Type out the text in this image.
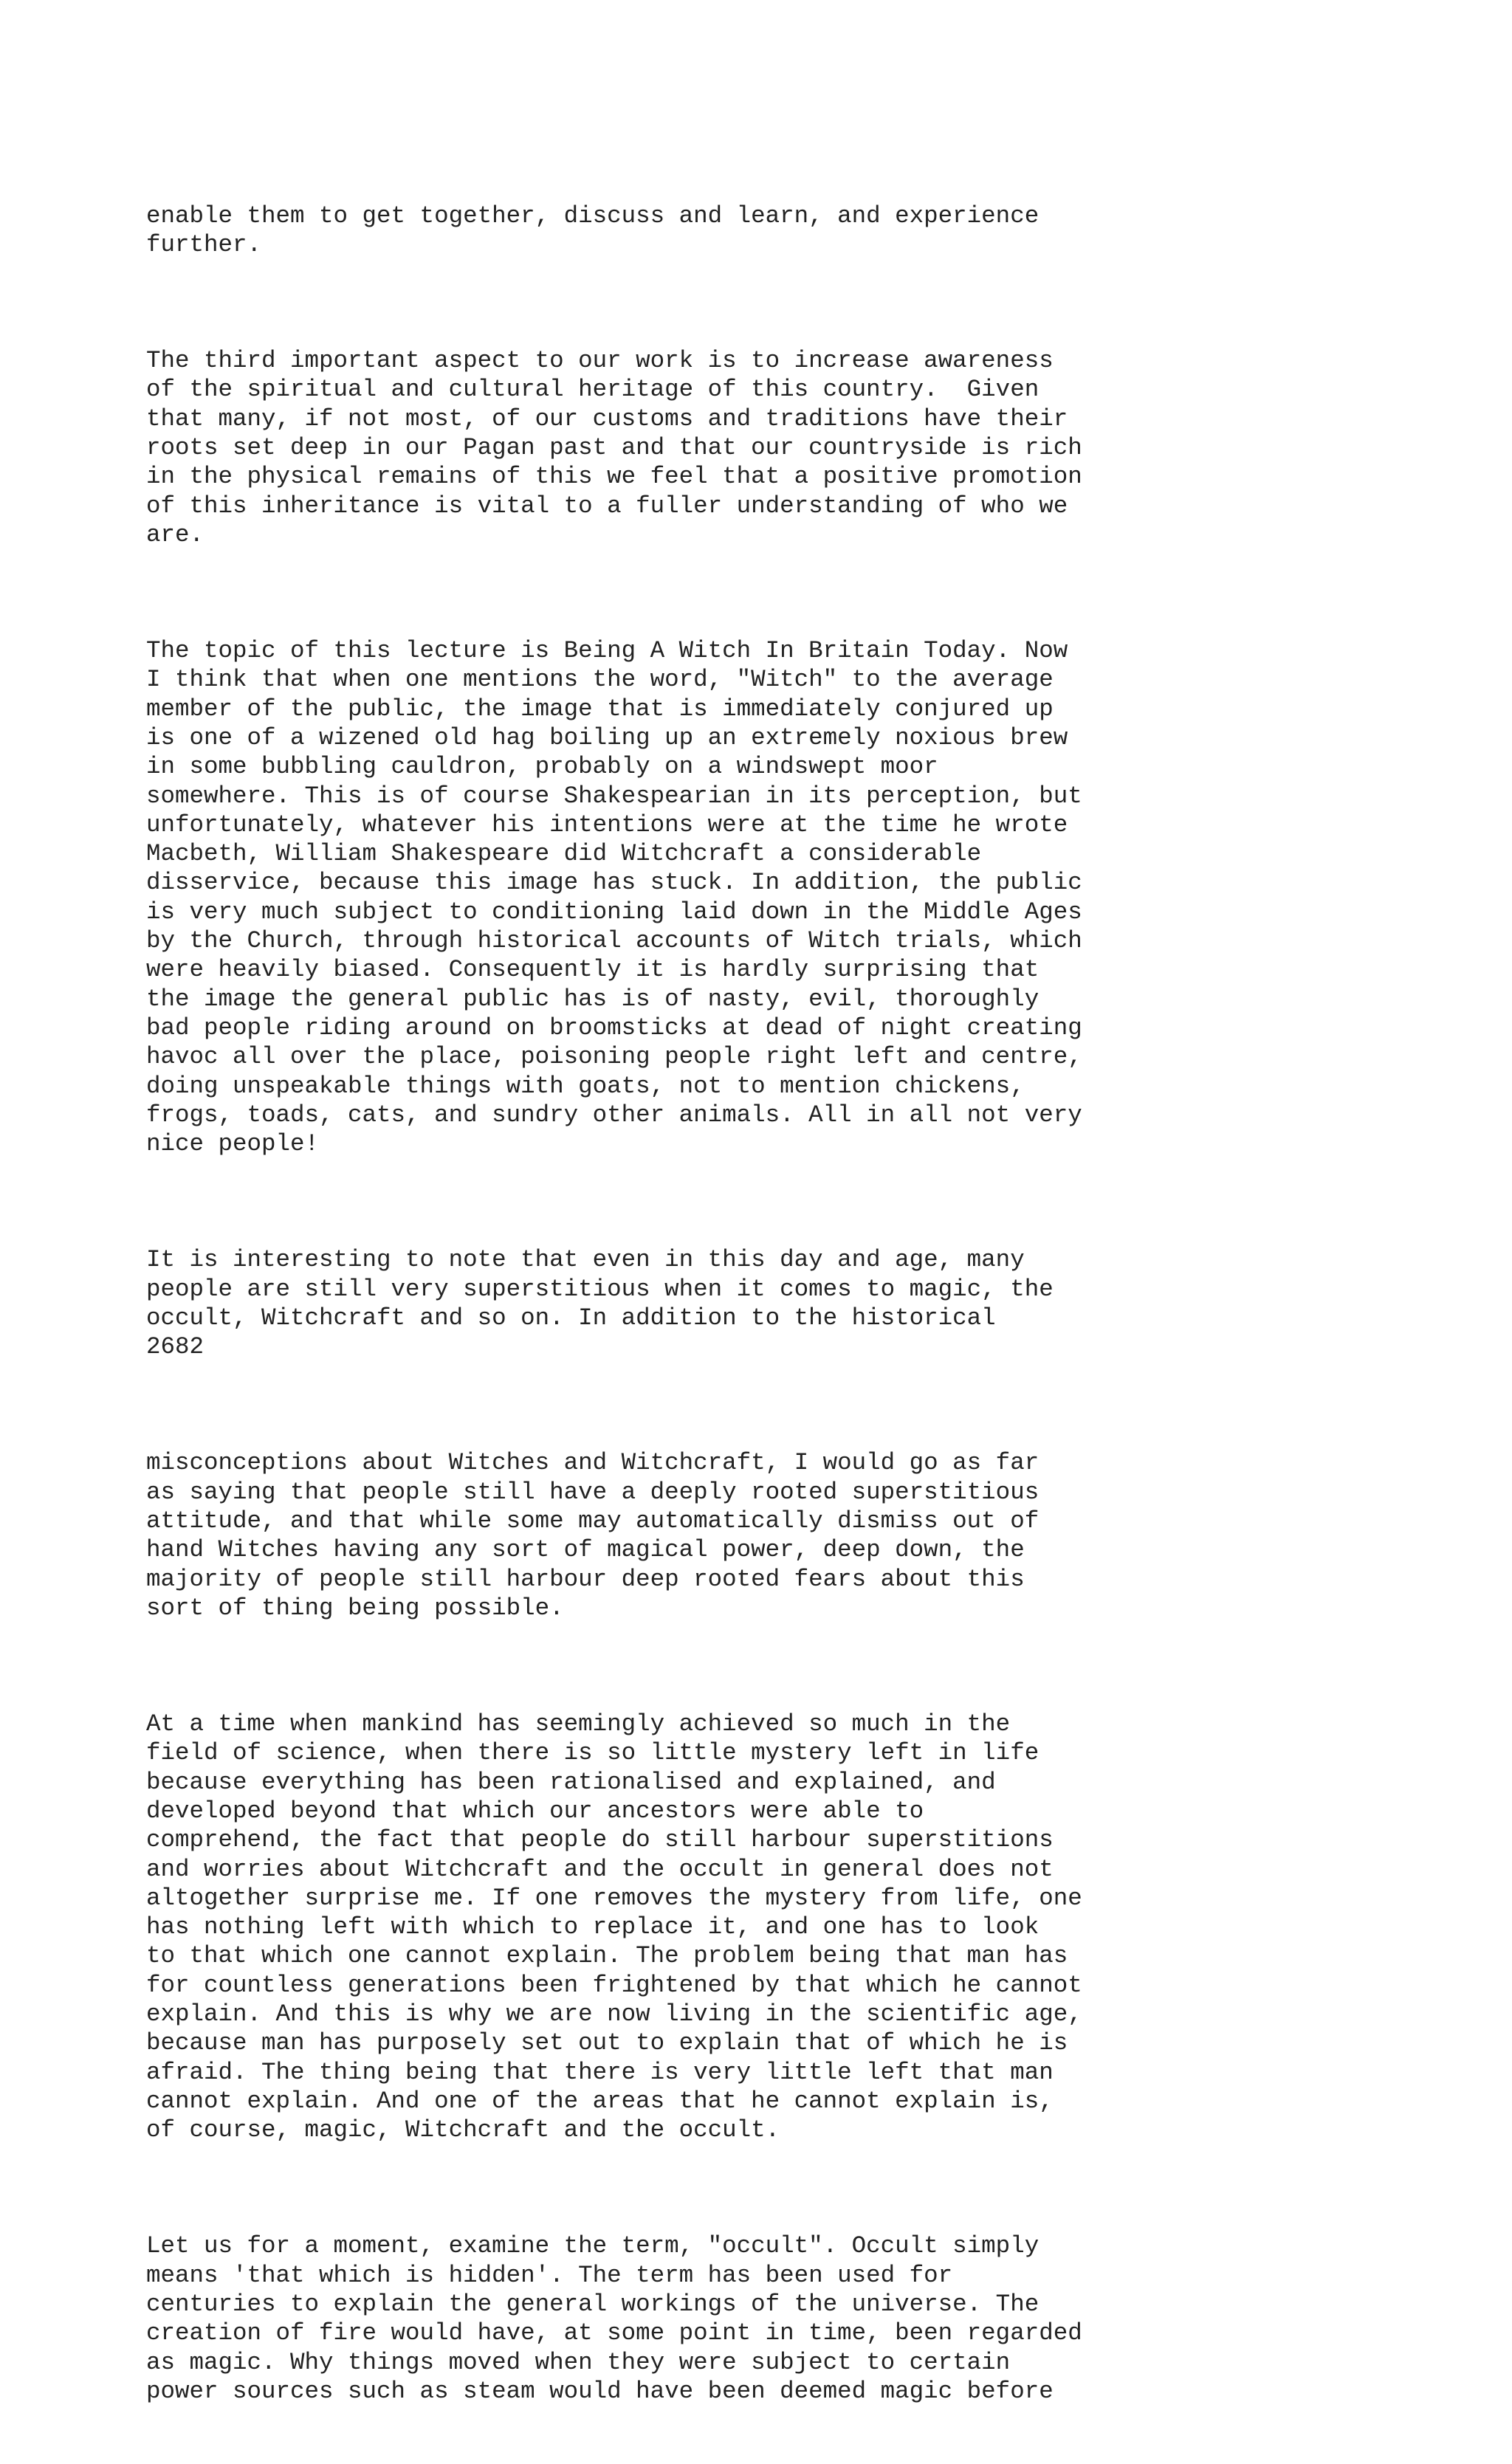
enable them to get together, discuss and learn, and experience
further.

The third important aspect to our work is to increase awareness
of the spiritual and cultural heritage of this country.  Given
that many, if not most, of our customs and traditions have their
roots set deep in our Pagan past and that our countryside is rich
in the physical remains of this we feel that a positive promotion
of this inheritance is vital to a fuller understanding of who we
are.

The topic of this lecture is Being A Witch In Britain Today. Now
I think that when one mentions the word, "Witch" to the average
member of the public, the image that is immediately conjured up
is one of a wizened old hag boiling up an extremely noxious brew
in some bubbling cauldron, probably on a windswept moor
somewhere. This is of course Shakespearian in its perception, but
unfortunately, whatever his intentions were at the time he wrote
Macbeth, William Shakespeare did Witchcraft a considerable
disservice, because this image has stuck. In addition, the public
is very much subject to conditioning laid down in the Middle Ages
by the Church, through historical accounts of Witch trials, which
were heavily biased. Consequently it is hardly surprising that
the image the general public has is of nasty, evil, thoroughly
bad people riding around on broomsticks at dead of night creating
havoc all over the place, poisoning people right left and centre,
doing unspeakable things with goats, not to mention chickens,
frogs, toads, cats, and sundry other animals. All in all not very
nice people!

It is interesting to note that even in this day and age, many
people are still very superstitious when it comes to magic, the
occult, Witchcraft and so on. In addition to the historical
2682

misconceptions about Witches and Witchcraft, I would go as far
as saying that people still have a deeply rooted superstitious
attitude, and that while some may automatically dismiss out of
hand Witches having any sort of magical power, deep down, the
majority of people still harbour deep rooted fears about this
sort of thing being possible.

At a time when mankind has seemingly achieved so much in the
field of science, when there is so little mystery left in life
because everything has been rationalised and explained, and
developed beyond that which our ancestors were able to
comprehend, the fact that people do still harbour superstitions
and worries about Witchcraft and the occult in general does not
altogether surprise me. If one removes the mystery from life, one
has nothing left with which to replace it, and one has to look
to that which one cannot explain. The problem being that man has
for countless generations been frightened by that which he cannot
explain. And this is why we are now living in the scientific age,
because man has purposely set out to explain that of which he is
afraid. The thing being that there is very little left that man
cannot explain. And one of the areas that he cannot explain is,
of course, magic, Witchcraft and the occult.

Let us for a moment, examine the term, "occult". Occult simply
means 'that which is hidden'. The term has been used for
centuries to explain the general workings of the universe. The
creation of fire would have, at some point in time, been regarded
as magic. Why things moved when they were subject to certain
power sources such as steam would have been deemed magic before
